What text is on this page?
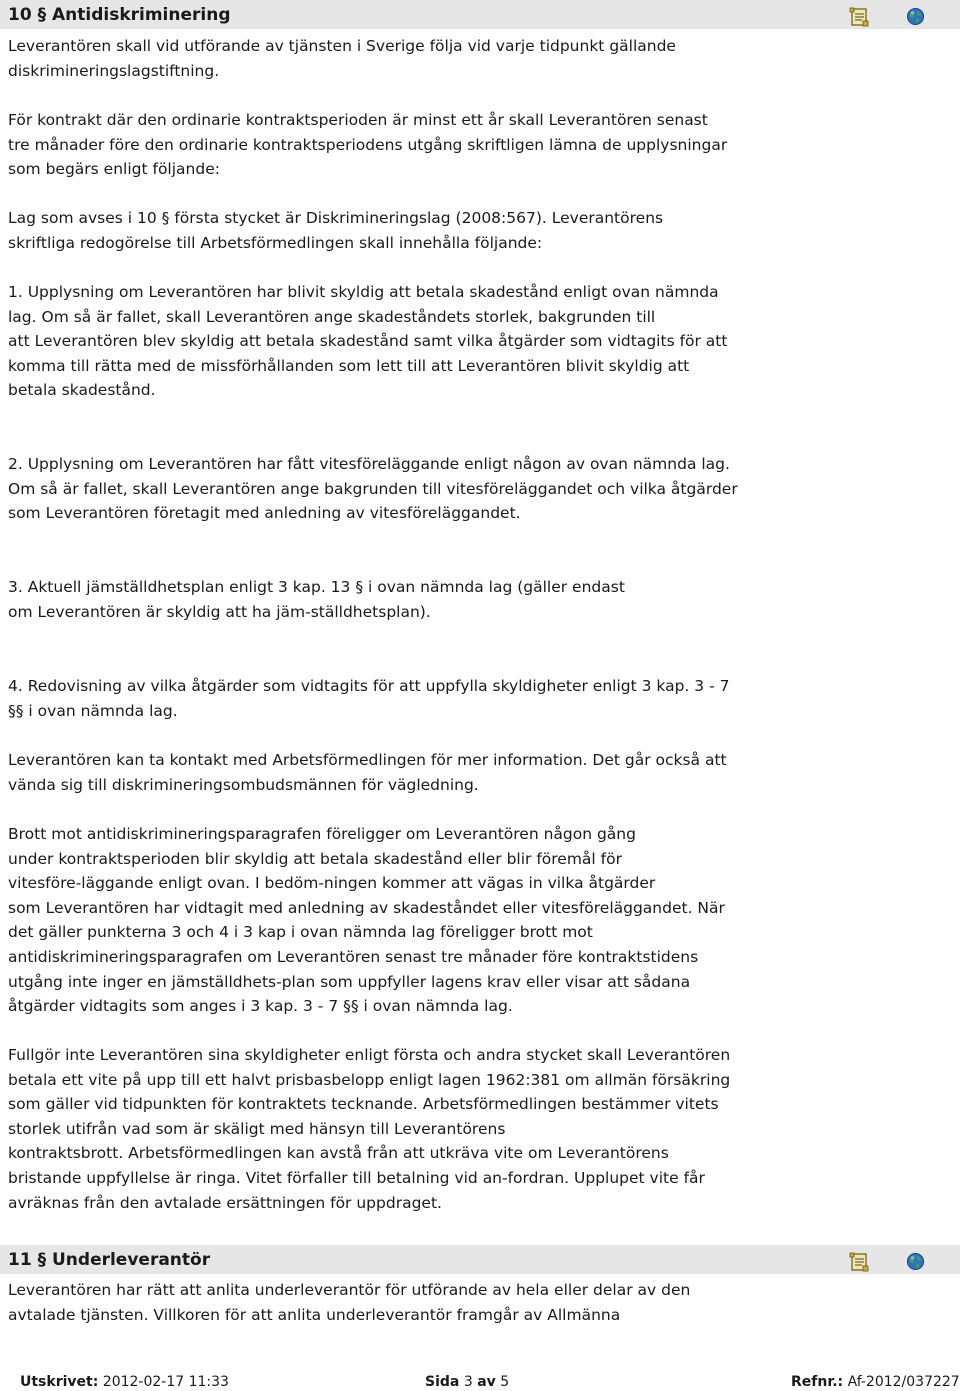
10 § Antidiskriminering

Leverantören skall vid utförande av tjänsten i Sverige följa vid varje tidpunkt gällande
diskrimineringslagstiftning.

För kontrakt där den ordinarie kontraktsperioden är minst ett år skall Leverantören senast
tre månader före den ordinarie kontraktsperiodens utgång skriftligen lämna de upplysningar
som begärs enligt följande:

Lag som avses i 10 § första stycket är Diskrimineringslag (2008:567). Leverantörens
skriftliga redogörelse till Arbetsförmedlingen skall innehålla följande:

1. Upplysning om Leverantören har blivit skyldig att betala skadestånd enligt ovan nämnda
lag. Om så är fallet, skall Leverantören ange skadeståndets storlek, bakgrunden till
att Leverantören blev skyldig att betala skadestånd samt vilka åtgärder som vidtagits för att
komma till rätta med de missförhållanden som lett till att Leverantören blivit skyldig att
betala skadestånd.

2. Upplysning om Leverantören har fått vitesföreläggande enligt någon av ovan nämnda lag.
Om så är fallet, skall Leverantören ange bakgrunden till vitesföreläggandet och vilka åtgärder
som Leverantören företagit med anledning av vitesföreläggandet.

3. Aktuell jämställdhetsplan enligt 3 kap. 13 § i ovan nämnda lag (gäller endast
om Leverantören är skyldig att ha jäm-ställdhetsplan).

4. Redovisning av vilka åtgärder som vidtagits för att uppfylla skyldigheter enligt 3 kap. 3 - 7
§§ i ovan nämnda lag.

Leverantören kan ta kontakt med Arbetsförmedlingen för mer information. Det går också att
vända sig till diskrimineringsombudsmännen för vägledning.

Brott mot antidiskrimineringsparagrafen föreligger om Leverantören någon gång
under kontraktsperioden blir skyldig att betala skadestånd eller blir föremål för
vitesföre-läggande enligt ovan. I bedöm-ningen kommer att vägas in vilka åtgärder
som Leverantören har vidtagit med anledning av skadeståndet eller vitesföreläggandet. När
det gäller punkterna 3 och 4 i 3 kap i ovan nämnda lag föreligger brott mot
antidiskrimineringsparagrafen om Leverantören senast tre månader före kontraktstidens
utgång inte inger en jämställdhets-plan som uppfyller lagens krav eller visar att sådana
åtgärder vidtagits som anges i 3 kap. 3 - 7 §§ i ovan nämnda lag.

Fullgör inte Leverantören sina skyldigheter enligt första och andra stycket skall Leverantören
betala ett vite på upp till ett halvt prisbasbelopp enligt lagen 1962:381 om allmän försäkring
som gäller vid tidpunkten för kontraktets tecknande. Arbetsförmedlingen bestämmer vitets
storlek utifrån vad som är skäligt med hänsyn till Leverantörens
kontraktsbrott. Arbetsförmedlingen kan avstå från att utkräva vite om Leverantörens
bristande uppfyllelse är ringa. Vitet förfaller till betalning vid an-fordran. Upplupet vite får
avräknas från den avtalade ersättningen för uppdraget.

11 § Underleverantör

Leverantören har rätt att anlita underleverantör för utförande av hela eller delar av den
avtalade tjänsten. Villkoren för att anlita underleverantör framgår av Allmänna

Utskrivet: 2012-02-17 11:33	Sida 3 av 5	Refnr.: Af-2012/037227
